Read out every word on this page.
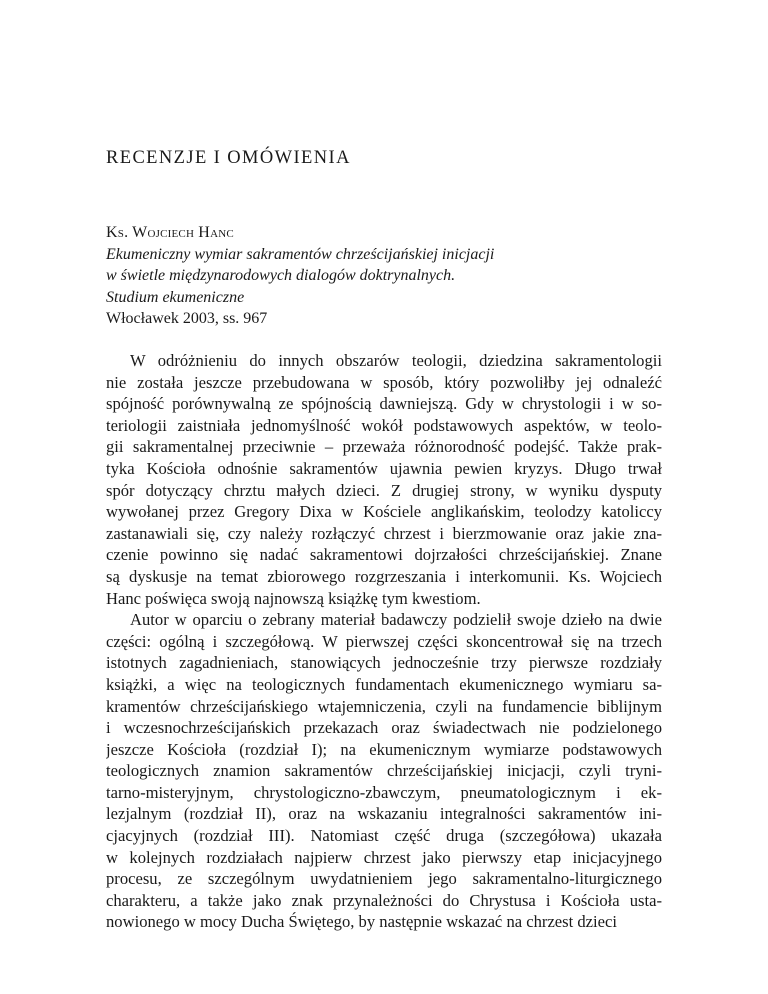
RECENZJE I OMÓWIENIA
Ks. Wojciech Hanc
Ekumeniczny wymiar sakramentów chrześcijańskiej inicjacji
w świetle międzynarodowych dialogów doktrynalnych.
Studium ekumeniczne
Włocławek 2003, ss. 967
W odróżnieniu do innych obszarów teologii, dziedzina sakramentologii
nie została jeszcze przebudowana w sposób, który pozwoliłby jej odnaleźć
spójność porównywalną ze spójnością dawniejszą. Gdy w chrystologii i w so-
teriologii zaistniała jednomyślność wokół podstawowych aspektów, w teolo-
gii sakramentalnej przeciwnie – przeważa różnorodność podejść. Także prak-
tyka Kościoła odnośnie sakramentów ujawnia pewien kryzys. Długo trwał
spór dotyczący chrztu małych dzieci. Z drugiej strony, w wyniku dysputy
wywołanej przez Gregory Dixa w Kościele anglikańskim, teolodzy katoliccy
zastanawiali się, czy należy rozłączyć chrzest i bierzmowanie oraz jakie zna-
czenie powinno się nadać sakramentowi dojrzałości chrześcijańskiej. Znane
są dyskusje na temat zbiorowego rozgrzeszania i interkomunii. Ks. Wojciech
Hanc poświęca swoją najnowszą książkę tym kwestiom.
Autor w oparciu o zebrany materiał badawczy podzielił swoje dzieło na dwie
części: ogólną i szczegółową. W pierwszej części skoncentrował się na trzech
istotnych zagadnieniach, stanowiących jednocześnie trzy pierwsze rozdziały
książki, a więc na teologicznych fundamentach ekumenicznego wymiaru sa-
kramentów chrześcijańskiego wtajemniczenia, czyli na fundamencie biblijnym
i wczesnochrześcijańskich przekazach oraz świadectwach nie podzielonego
jeszcze Kościoła (rozdział I); na ekumenicznym wymiarze podstawowych
teologicznych znamion sakramentów chrześcijańskiej inicjacji, czyli tryni-
tarno-misteryjnym, chrystologiczno-zbawczym, pneumatologicznym i ek-
lezjalnym (rozdział II), oraz na wskazaniu integralności sakramentów ini-
cjacyjnych (rozdział III). Natomiast część druga (szczegółowa) ukazała
w kolejnych rozdziałach najpierw chrzest jako pierwszy etap inicjacyjnego
procesu, ze szczególnym uwydatnieniem jego sakramentalno-liturgicznego
charakteru, a także jako znak przynależności do Chrystusa i Kościoła usta-
nowionego w mocy Ducha Świętego, by następnie wskazać na chrzest dzieci
